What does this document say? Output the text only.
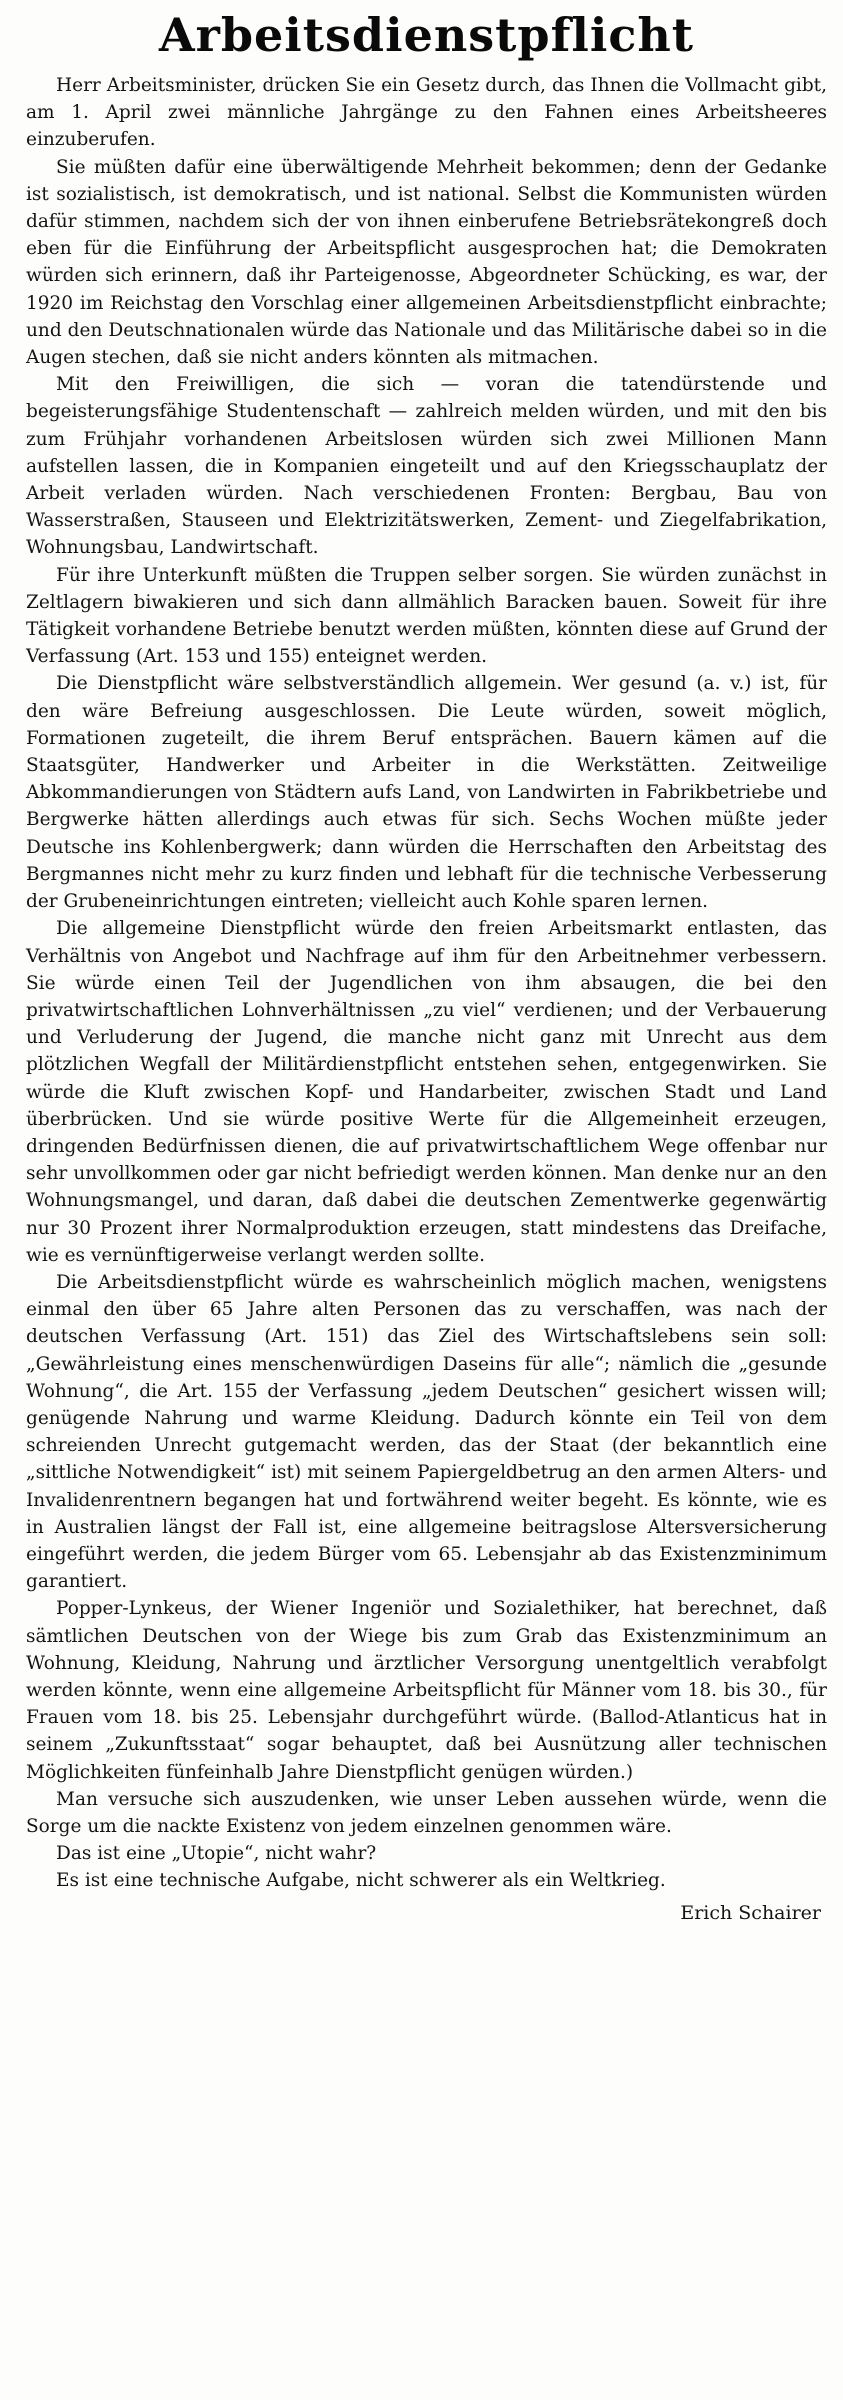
Arbeitsdienstpflicht

Herr Arbeitsminister, drücken Sie ein Gesetz durch, das Ihnen die Vollmacht gibt, am 1. April zwei männliche Jahrgänge zu den Fahnen eines Arbeitsheeres einzuberufen.

Sie müßten dafür eine überwältigende Mehrheit bekommen; denn der Gedanke ist sozialistisch, ist demokratisch, und ist national. Selbst die Kommunisten würden dafür stimmen, nachdem sich der von ihnen einberufene Betriebsrätekongreß doch eben für die Einführung der Arbeitspflicht ausgesprochen hat; die Demokraten würden sich erinnern, daß ihr Parteigenosse, Abgeordneter Schücking, es war, der 1920 im Reichstag den Vorschlag einer allgemeinen Arbeitsdienstpflicht einbrachte; und den Deutschnationalen würde das Nationale und das Militärische dabei so in die Augen stechen, daß sie nicht anders könnten als mitmachen.

Mit den Freiwilligen, die sich — voran die tatendürstende und begeisterungsfähige Studentenschaft — zahlreich melden würden, und mit den bis zum Frühjahr vorhandenen Arbeitslosen würden sich zwei Millionen Mann aufstellen lassen, die in Kompanien eingeteilt und auf den Kriegsschauplatz der Arbeit verladen würden. Nach verschiedenen Fronten: Bergbau, Bau von Wasserstraßen, Stauseen und Elektrizitätswerken, Zement- und Ziegelfabrikation, Wohnungsbau, Landwirtschaft.

Für ihre Unterkunft müßten die Truppen selber sorgen. Sie würden zunächst in Zeltlagern biwakieren und sich dann allmählich Baracken bauen. Soweit für ihre Tätigkeit vorhandene Betriebe benutzt werden müßten, könnten diese auf Grund der Verfassung (Art. 153 und 155) enteignet werden.

Die Dienstpflicht wäre selbstverständlich allgemein. Wer gesund (a. v.) ist, für den wäre Befreiung ausgeschlossen. Die Leute würden, soweit möglich, Formationen zugeteilt, die ihrem Beruf entsprächen. Bauern kämen auf die Staatsgüter, Handwerker und Arbeiter in die Werkstätten. Zeitweilige Abkommandierungen von Städtern aufs Land, von Landwirten in Fabrikbetriebe und Bergwerke hätten allerdings auch etwas für sich. Sechs Wochen müßte jeder Deutsche ins Kohlenbergwerk; dann würden die Herrschaften den Arbeitstag des Bergmannes nicht mehr zu kurz finden und lebhaft für die technische Verbesserung der Grubeneinrichtungen eintreten; vielleicht auch Kohle sparen lernen.

Die allgemeine Dienstpflicht würde den freien Arbeitsmarkt entlasten, das Verhältnis von Angebot und Nachfrage auf ihm für den Arbeitnehmer verbessern. Sie würde einen Teil der Jugendlichen von ihm absaugen, die bei den privatwirtschaftlichen Lohnverhältnissen „zu viel“ verdienen; und der Verbauerung und Verluderung der Jugend, die manche nicht ganz mit Unrecht aus dem plötzlichen Wegfall der Militärdienstpflicht entstehen sehen, entgegenwirken. Sie würde die Kluft zwischen Kopf- und Handarbeiter, zwischen Stadt und Land überbrücken. Und sie würde positive Werte für die Allgemeinheit erzeugen, dringenden Bedürfnissen dienen, die auf privatwirtschaftlichem Wege offenbar nur sehr unvollkommen oder gar nicht befriedigt werden können. Man denke nur an den Wohnungsmangel, und daran, daß dabei die deutschen Zementwerke gegenwärtig nur 30 Prozent ihrer Normalproduktion erzeugen, statt mindestens das Dreifache, wie es vernünftigerweise verlangt werden sollte.

Die Arbeitsdienstpflicht würde es wahrscheinlich möglich machen, wenigstens einmal den über 65 Jahre alten Personen das zu verschaffen, was nach der deutschen Verfassung (Art. 151) das Ziel des Wirtschaftslebens sein soll: „Gewährleistung eines menschenwürdigen Daseins für alle“; nämlich die „gesunde Wohnung“, die Art. 155 der Verfassung „jedem Deutschen“ gesichert wissen will; genügende Nahrung und warme Kleidung. Dadurch könnte ein Teil von dem schreienden Unrecht gutgemacht werden, das der Staat (der bekanntlich eine „sittliche Notwendigkeit“ ist) mit seinem Papiergeldbetrug an den armen Alters- und Invalidenrentnern begangen hat und fortwährend weiter begeht. Es könnte, wie es in Australien längst der Fall ist, eine allgemeine beitragslose Altersversicherung eingeführt werden, die jedem Bürger vom 65. Lebensjahr ab das Existenzminimum garantiert.

Popper-Lynkeus, der Wiener Ingeniör und Sozialethiker, hat berechnet, daß sämtlichen Deutschen von der Wiege bis zum Grab das Existenzminimum an Wohnung, Kleidung, Nahrung und ärztlicher Versorgung unentgeltlich verabfolgt werden könnte, wenn eine allgemeine Arbeitspflicht für Männer vom 18. bis 30., für Frauen vom 18. bis 25. Lebensjahr durchgeführt würde. (Ballod-Atlanticus hat in seinem „Zukunftsstaat“ sogar behauptet, daß bei Ausnützung aller technischen Möglichkeiten fünfeinhalb Jahre Dienstpflicht genügen würden.)

Man versuche sich auszudenken, wie unser Leben aussehen würde, wenn die Sorge um die nackte Existenz von jedem einzelnen genommen wäre.

Das ist eine „Utopie“, nicht wahr?

Es ist eine technische Aufgabe, nicht schwerer als ein Weltkrieg.

Erich Schairer
